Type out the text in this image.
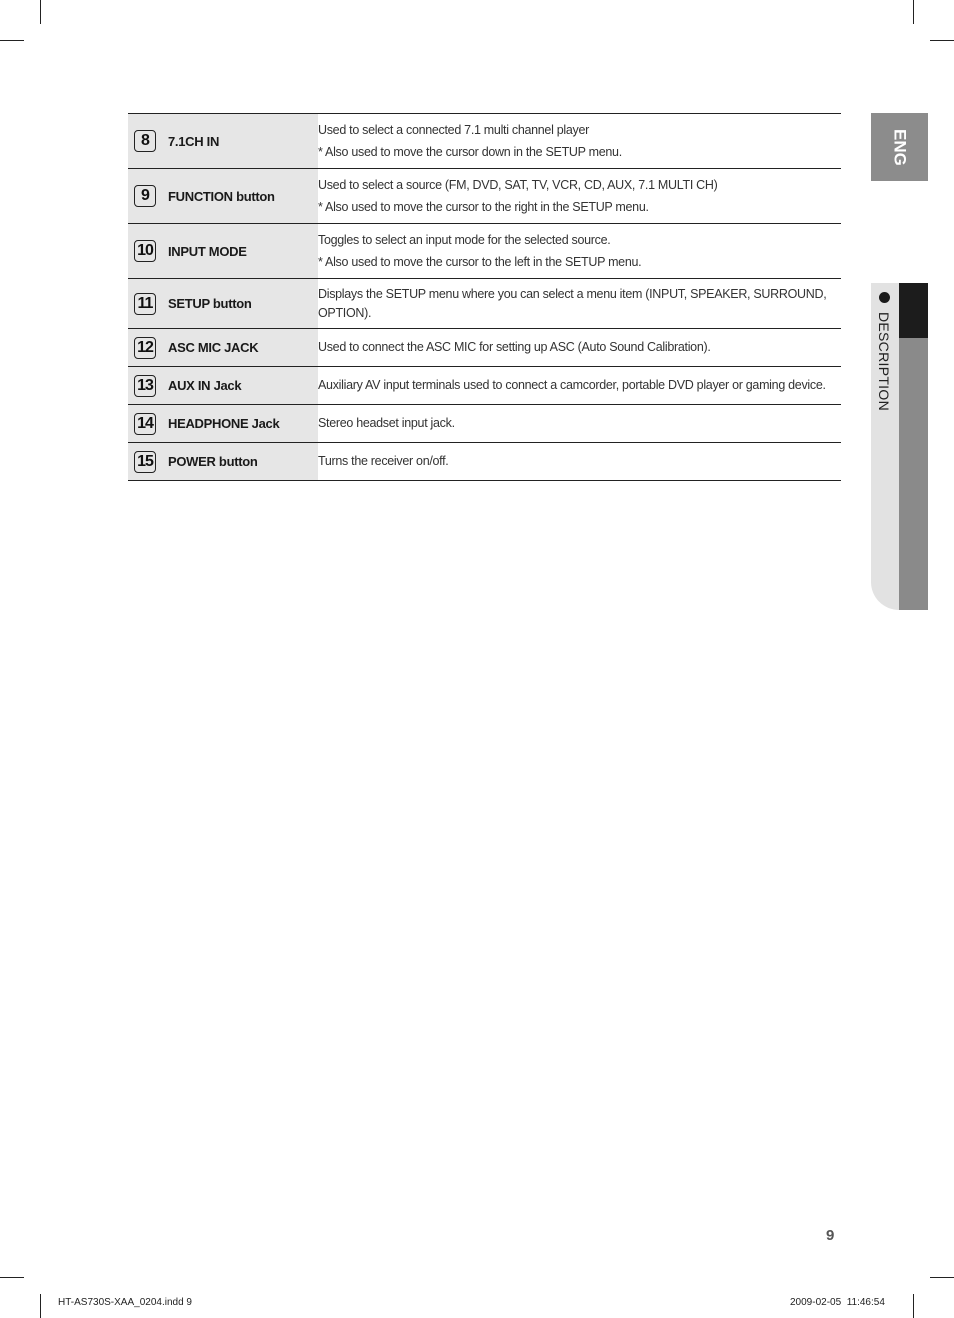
8	7.1CH IN	Used to select a connected 7.1 multi channel player
* Also used to move the cursor down in the SETUP menu.

9	FUNCTION button	Used to select a source (FM, DVD, SAT, TV, VCR, CD, AUX, 7.1 MULTI CH)
* Also used to move the cursor to the right in the SETUP menu.

10	INPUT MODE	Toggles to select an input mode for the selected source.
* Also used to move the cursor to the left in the SETUP menu.

11	SETUP button	Displays the SETUP menu where you can select a menu item (INPUT, SPEAKER, SURROUND, OPTION).

12	ASC MIC JACK	Used to connect the ASC MIC for setting up ASC (Auto Sound Calibration).

13	AUX IN Jack	Auxiliary AV input terminals used to connect a camcorder, portable DVD player or gaming device.

14	HEADPHONE Jack	Stereo headset input jack.

15	POWER button	Turns the receiver on/off.
ENG
DESCRIPTION
9
HT-AS730S-XAA_0204.indd 9	2009-02-05 ⁠⁠ 11:46:54
